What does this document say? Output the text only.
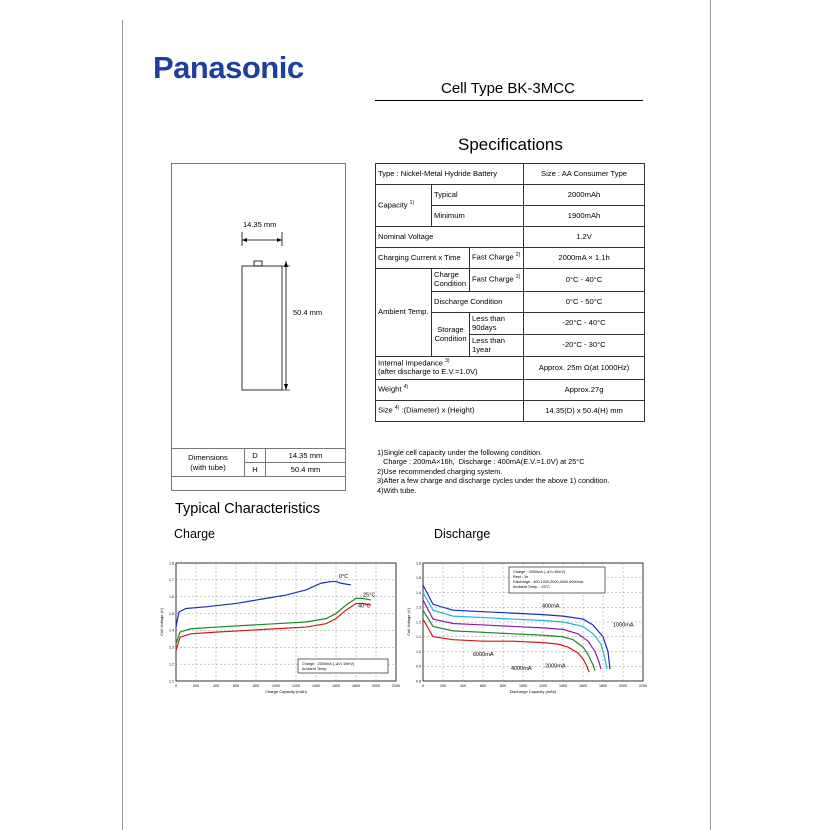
Panasonic
Cell Type BK-3MCC
Specifications
14.35 mm
50.4 mm
Dimensions
(with tube)	D	14.35 mm
	H	50.4 mm
Type : Nickel-Metal Hydride Battery			Size : AA Consumer Type
Capacity $^{1)}$	Typical		2000mAh
	Minimum		1900mAh
Nominal Voltage			1.2V
Charging Current x Time		Fast Charge $^{2)}$	2000mA × 1.1h
Ambient Temp.	Charge Condition	Fast Charge $^{2)}$	0°C - 40°C
	Discharge Condition		0°C - 50°C
	Storage Condition	Less than 90days	-20°C - 40°C
		Less than 1year	-20°C - 30°C
Internal Impedance $^{3)}$
(after discharge to E.V.=1.0V)			Approx. 25m Ω(at 1000Hz)
Weight $^{4)}$			Approx.27g
Size $^{4)}$ :(Diameter) x (Height)			14.35(D) x 50.4(H) mm
1)Single cell capacity under the following condition.
Charge : 200mA×16h,  Discharge : 400mA(E.V.=1.0V) at 25°C
2)Use recommended charging system.
3)After a few charge and discharge cycles under the above 1) condition.
4)With tube.
Typical Characteristics
Charge	Discharge
0	200	400	600	800	1000	1200	1400	1600	1800	2000	2200
1.1
1.2
1.3
1.4
1.5
1.6
1.7
1.8
Charge Capacity (mAh)
Cell Voltage (V)
0°C
25°C
40°C
Charge : 2000mA (-⊿V=10mV)
Ambient Temp.
0	200	400	600	800	1000	1200	1400	1600	1800	2000	2200
0.8
0.9
1.0
1.1
1.2
1.3
1.4
1.5
1.6
Discharge Capacity (mAh)
Cell Voltage (V)
400mA
1000mA
2000mA
4000mA
6000mA
Charge : 2000mA (-⊿V=10mV)
Rest : 1h
Discharge : 400,1000,2000,4000,6000mA
Ambient Temp. : 25°C
